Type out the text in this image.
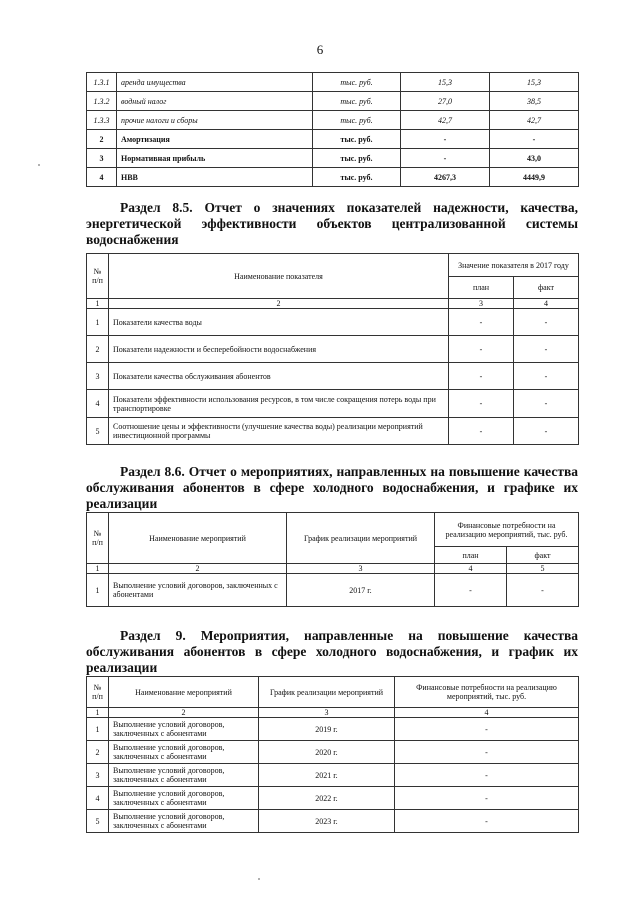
6
1.3.1	аренда имущества	тыс. руб.	15,3	15,3
1.3.2	водный налог	тыс. руб.	27,0	38,5
1.3.3	прочие налоги и сборы	тыс. руб.	42,7	42,7
2	Амортизация	тыс. руб.	-	-
3	Нормативная прибыль	тыс. руб.	-	43,0
4	НВВ	тыс. руб.	4267,3	4449,9
Раздел 8.5. Отчет о значениях показателей надежности, качества, энергетической эффективности объектов централизованной системы водоснабжения
№ п/п	Наименование показателя	Значение показателя в 2017 году	
		план	факт
1	2	3	4
1	Показатели качества воды	-	-
2	Показатели надежности и бесперебойности водоснабжения	-	-
3	Показатели качества обслуживания абонентов	-	-
4	Показатели эффективности использования ресурсов, в том числе сокращения потерь воды при транспортировке	-	-
5	Соотношение цены и эффективности (улучшение качества воды) реализации мероприятий инвестиционной программы	-	-
Раздел 8.6. Отчет о мероприятиях, направленных на повышение качества обслуживания абонентов в сфере холодного водоснабжения, и графике их реализации
№ п/п	Наименование мероприятий	График реализации мероприятий	Финансовые потребности на реализацию мероприятий, тыс. руб.	
			план	факт
1	2	3	4	5
1	Выполнение условий договоров, заключенных с абонентами	2017 г.	-	-
Раздел 9. Мероприятия, направленные на повышение качества обслуживания абонентов в сфере холодного водоснабжения, и график их реализации
№ п/п	Наименование мероприятий	График реализации мероприятий	Финансовые потребности на реализацию мероприятий, тыс. руб.
1	2	3	4
1	Выполнение условий договоров, заключенных с абонентами	2019 г.	-
2	Выполнение условий договоров, заключенных с абонентами	2020 г.	-
3	Выполнение условий договоров, заключенных с абонентами	2021 г.	-
4	Выполнение условий договоров, заключенных с абонентами	2022 г.	-
5	Выполнение условий договоров, заключенных с абонентами	2023 г.	-
